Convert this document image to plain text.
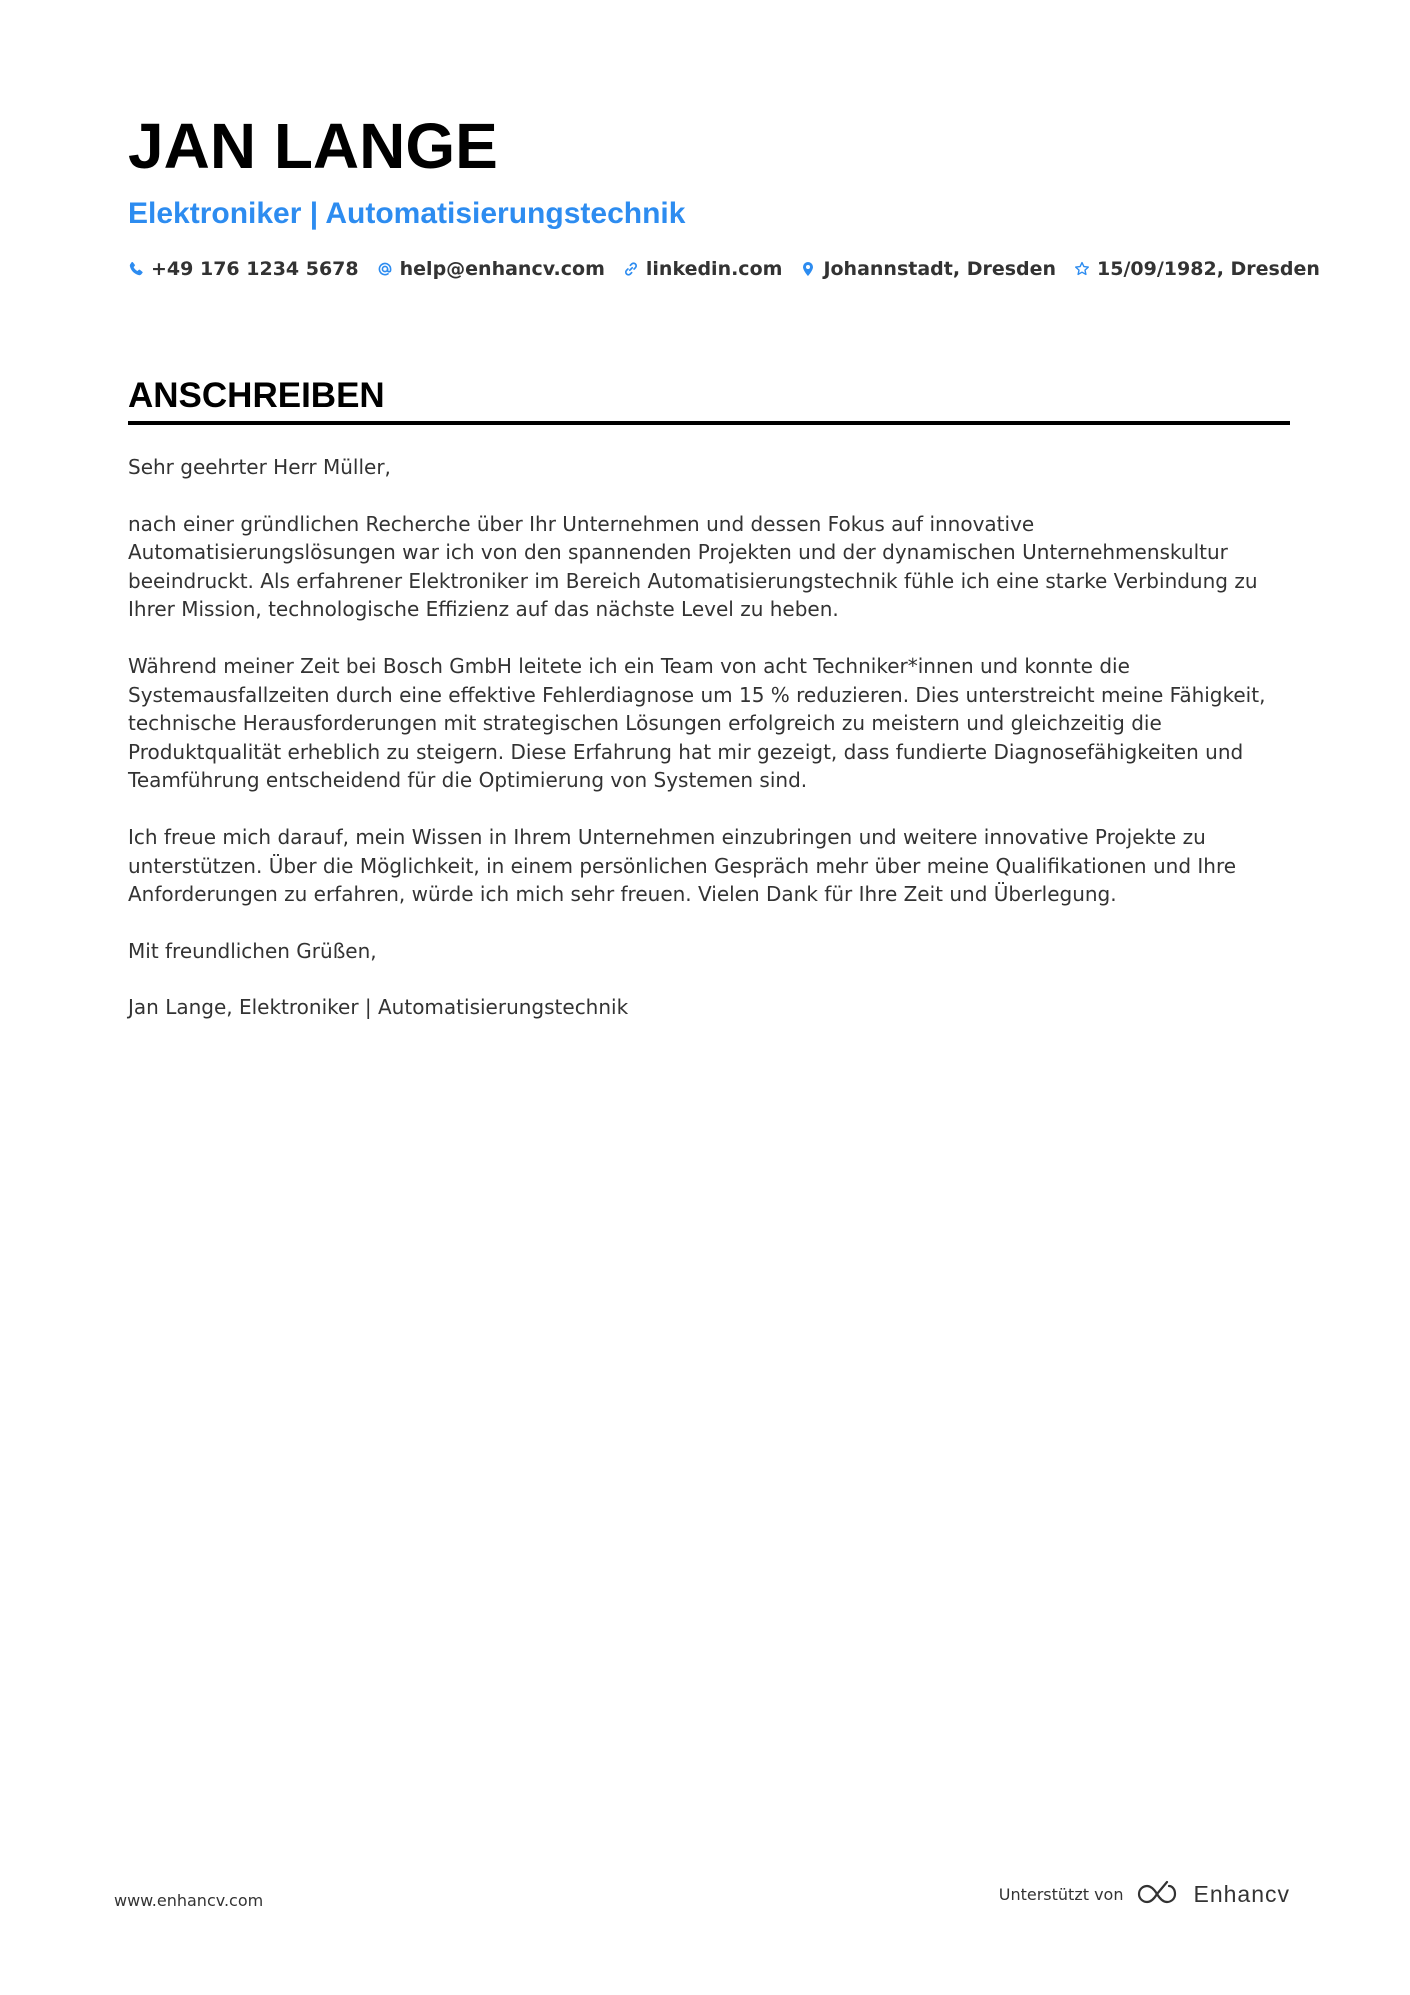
JAN LANGE
Elektroniker | Automatisierungstechnik
+49 176 1234 5678 help@enhancv.com linkedin.com Johannstadt, Dresden 15/09/1982, Dresden
ANSCHREIBEN

Sehr geehrter Herr Müller,

nach einer gründlichen Recherche über Ihr Unternehmen und dessen Fokus auf innovative Automatisierungslösungen war ich von den spannenden Projekten und der dynamischen Unternehmenskultur beeindruckt. Als erfahrener Elektroniker im Bereich Automatisierungstechnik fühle ich eine starke Verbindung zu Ihrer Mission, technologische Effizienz auf das nächste Level zu heben.

Während meiner Zeit bei Bosch GmbH leitete ich ein Team von acht Techniker*innen und konnte die Systemausfallzeiten durch eine effektive Fehlerdiagnose um 15 % reduzieren. Dies unterstreicht meine Fähigkeit, technische Herausforderungen mit strategischen Lösungen erfolgreich zu meistern und gleichzeitig die Produktqualität erheblich zu steigern. Diese Erfahrung hat mir gezeigt, dass fundierte Diagnosefähigkeiten und Teamführung entscheidend für die Optimierung von Systemen sind.

Ich freue mich darauf, mein Wissen in Ihrem Unternehmen einzubringen und weitere innovative Projekte zu unterstützen. Über die Möglichkeit, in einem persönlichen Gespräch mehr über meine Qualifikationen und Ihre Anforderungen zu erfahren, würde ich mich sehr freuen. Vielen Dank für Ihre Zeit und Überlegung.

Mit freundlichen Grüßen,

Jan Lange, Elektroniker | Automatisierungstechnik

www.enhancv.com	Unterstützt von	Enhancv
